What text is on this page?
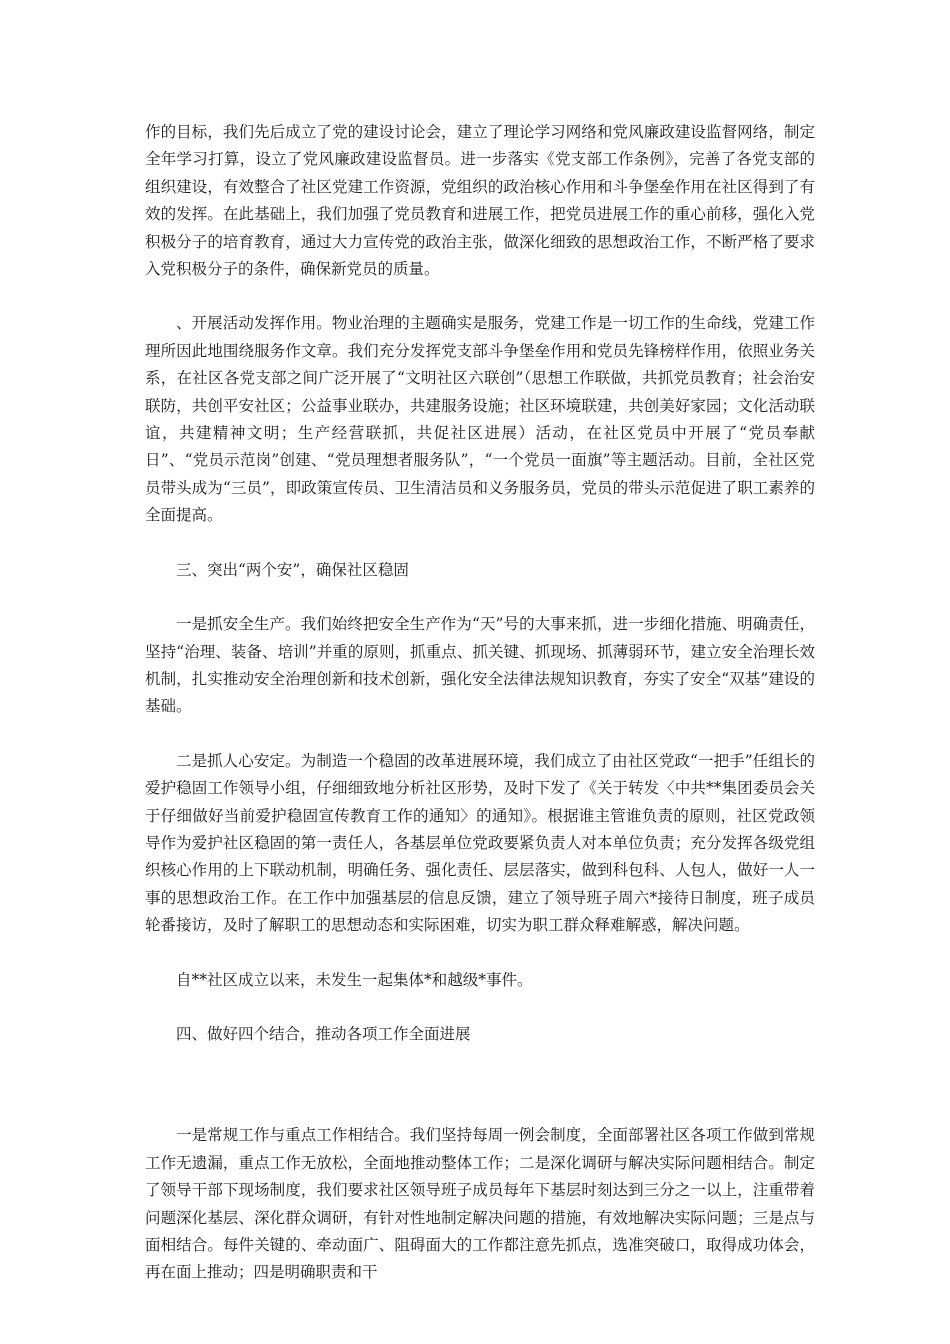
作的目标，我们先后成立了党的建设讨论会，建立了理论学习网络和党风廉政建设监督网络，制定全年学习打算，设立了党风廉政建设监督员。进一步落实《党支部工作条例》，完善了各党支部的组织建设，有效整合了社区党建工作资源，党组织的政治核心作用和斗争堡垒作用在社区得到了有效的发挥。在此基础上，我们加强了党员教育和进展工作，把党员进展工作的重心前移，强化入党积极分子的培育教育，通过大力宣传党的政治主张，做深化细致的思想政治工作，不断严格了要求入党积极分子的条件，确保新党员的质量。

、开展活动发挥作用。物业治理的主题确实是服务，党建工作是一切工作的生命线，党建工作理所因此地围绕服务作文章。我们充分发挥党支部斗争堡垒作用和党员先锋榜样作用，依照业务关系，在社区各党支部之间广泛开展了“文明社区六联创”（思想工作联做，共抓党员教育；社会治安联防，共创平安社区；公益事业联办，共建服务设施；社区环境联建，共创美好家园；文化活动联谊，共建精神文明；生产经营联抓，共促社区进展）活动，在社区党员中开展了“党员奉献日”、“党员示范岗”创建、“党员理想者服务队”，“一个党员一面旗”等主题活动。目前，全社区党员带头成为“三员”，即政策宣传员、卫生清洁员和义务服务员，党员的带头示范促进了职工素养的全面提高。

三、突出“两个安”，确保社区稳固

一是抓安全生产。我们始终把安全生产作为“天”号的大事来抓，进一步细化措施、明确责任，坚持“治理、装备、培训”并重的原则，抓重点、抓关键、抓现场、抓薄弱环节，建立安全治理长效机制，扎实推动安全治理创新和技术创新，强化安全法律法规知识教育，夯实了安全“双基”建设的基础。

二是抓人心安定。为制造一个稳固的改革进展环境，我们成立了由社区党政“一把手”任组长的爱护稳固工作领导小组，仔细细致地分析社区形势，及时下发了《关于转发〈中共**集团委员会关于仔细做好当前爱护稳固宣传教育工作的通知〉的通知》。根据谁主管谁负责的原则，社区党政领导作为爱护社区稳固的第一责任人，各基层单位党政要紧负责人对本单位负责；充分发挥各级党组织核心作用的上下联动机制，明确任务、强化责任、层层落实，做到科包科、人包人，做好一人一事的思想政治工作。在工作中加强基层的信息反馈，建立了领导班子周六*接待日制度，班子成员轮番接访，及时了解职工的思想动态和实际困难，切实为职工群众释难解惑，解决问题。

自**社区成立以来，未发生一起集体*和越级*事件。

四、做好四个结合，推动各项工作全面进展

一是常规工作与重点工作相结合。我们坚持每周一例会制度，全面部署社区各项工作做到常规工作无遗漏，重点工作无放松，全面地推动整体工作；二是深化调研与解决实际问题相结合。制定了领导干部下现场制度，我们要求社区领导班子成员每年下基层时刻达到三分之一以上，注重带着问题深化基层、深化群众调研，有针对性地制定解决问题的措施，有效地解决实际问题；三是点与面相结合。每件关键的、牵动面广、阻碍面大的工作都注意先抓点，选准突破口，取得成功体会，再在面上推动；四是明确职责和干
